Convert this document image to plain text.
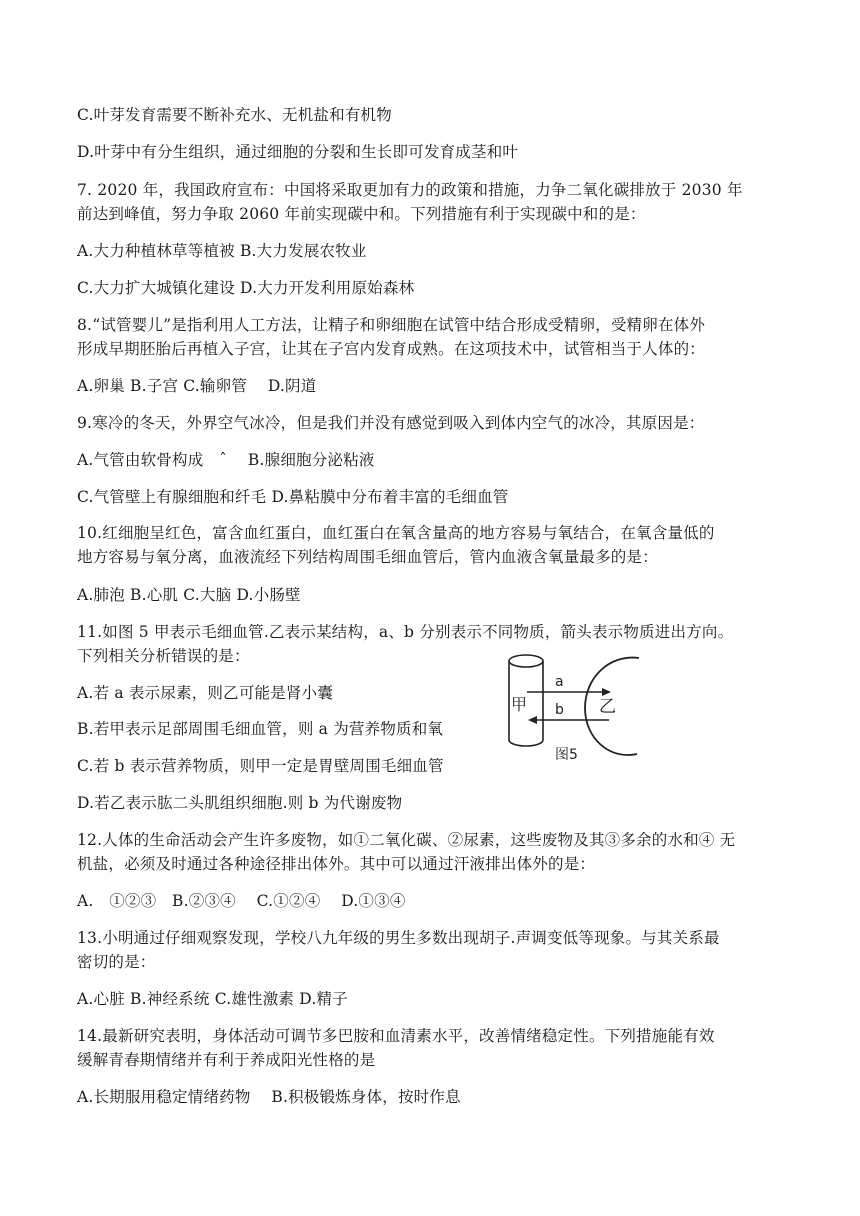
C.叶芽发育需要不断补充水、无机盐和有机物
D.叶芽中有分生组织，通过细胞的分裂和生长即可发育成茎和叶
7. 2020 年，我国政府宣布：中国将采取更加有力的政策和措施，力争二氧化碳排放于 2030 年
前达到峰值，努力争取 2060 年前实现碳中和。下列措施有利于实现碳中和的是：
A.大力种植林草等植被 B.大力发展农牧业
C.大力扩大城镇化建设 D.大力开发利用原始森林
8.“试管婴儿”是指利用人工方法，让精子和卵细胞在试管中结合形成受精卵，受精卵在体外
形成早期胚胎后再植入子宫，让其在子宫内发育成熟。在这项技术中，试管相当于人体的：
A.卵巢 B.子宫 C.输卵管　 D.阴道
9.寒冷的冬天，外界空气冰冷，但是我们并没有感觉到吸入到体内空气的冰冷，其原因是：
A.气管由软骨构成　ˆ　 B.腺细胞分泌粘液
C.气管壁上有腺细胞和纤毛 D.鼻粘膜中分布着丰富的毛细血管
10.红细胞呈红色，富含血红蛋白，血红蛋白在氧含量高的地方容易与氧结合，在氧含量低的
地方容易与氧分离，血液流经下列结构周围毛细血管后，管内血液含氧量最多的是：
A.肺泡 B.心肌 C.大脑 D.小肠壁
11.如图 5 甲表示毛细血管.乙表示某结构，a、b 分别表示不同物质，箭头表示物质进出方向。
下列相关分析错误的是：
A.若 a 表示尿素，则乙可能是肾小囊
B.若甲表示足部周围毛细血管，则 a 为营养物质和氧
C.若 b 表示营养物质，则甲一定是胃壁周围毛细血管
D.若乙表示肱二头肌组织细胞.则 b 为代谢废物
12.人体的生命活动会产生许多废物，如①二氧化碳、②尿素，这些废物及其③多余的水和④ 无
机盐，必须及时通过各种途径排出体外。其中可以通过汗液排出体外的是：
A.　①②③　B.②③④　 C.①②④　 D.①③④
13.小明通过仔细观察发现，学校八九年级的男生多数出现胡子.声调变低等现象。与其关系最
密切的是：
A.心脏 B.神经系统 C.雄性激素 D.精子
14.最新研究表明，身体活动可调节多巴胺和血清素水平，改善情绪稳定性。下列措施能有效
缓解青春期情绪并有利于养成阳光性格的是
A.长期服用稳定情绪药物　 B.积极锻炼身体，按时作息
甲	乙
a
b
图5
